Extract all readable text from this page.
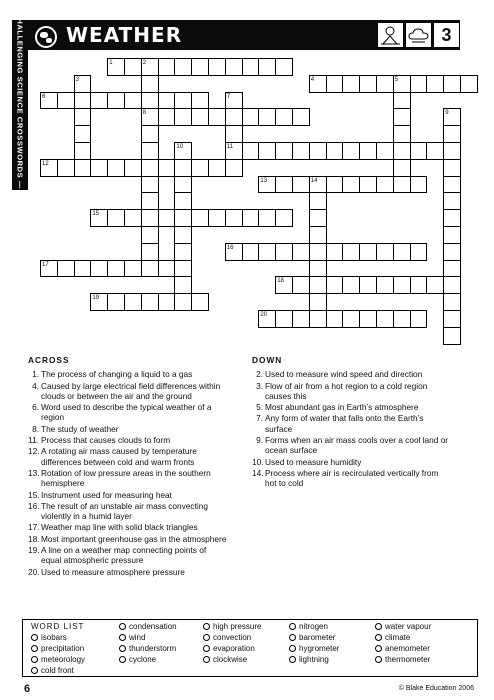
WEATHER	3
CHALLENGING SCIENCE CROSSWORDS — JUNIOR	1	2
8
4	5
3
6	7
11
9
10
12
13	14
15
16
17
18
19
20
ACROSS
1 . The process of changing a liquid to a gas
4 . Caused by large electrical field differences within clouds or between the air and the ground
6 . Word used to describe the typical weather of a region
8 . The study of weather
11 . Process that causes clouds to form
12 . A rotating air mass caused by temperature differences between cold and warm fronts
13 . Rotation of low pressure areas in the southern hemisphere
15 . Instrument used for measuring heat
16 . The result of an unstable air mass convecting violently in a humid layer
17 . Weather map line with solid black triangles
18 . Most important greenhouse gas in the atmosphere
19 . A line on a weather map connecting points of equal atmospheric pressure
20 . Used to measure atmosphere pressure
DOWN
2 . Used to measure wind speed and direction
3 . Flow of air from a hot region to a cold region causes this
5 . Most abundant gas in Earth’s atmosphere
7 . Any form of water that falls onto the Earth’s surface
9 . Forms when an air mass cools over a cool land or ocean surface
10 . Used to measure humidity
14 . Process where air is recirculated vertically from hot to cold
WORD LIST
isobars
precipitation
meteorology
cold front
condensation
wind
thunderstorm
cyclone
high pressure
convection
evaporation
clockwise
nitrogen
barometer
hygrometer
lightning
water vapour
climate
anemometer
thermometer
6	© Blake Education 2006
